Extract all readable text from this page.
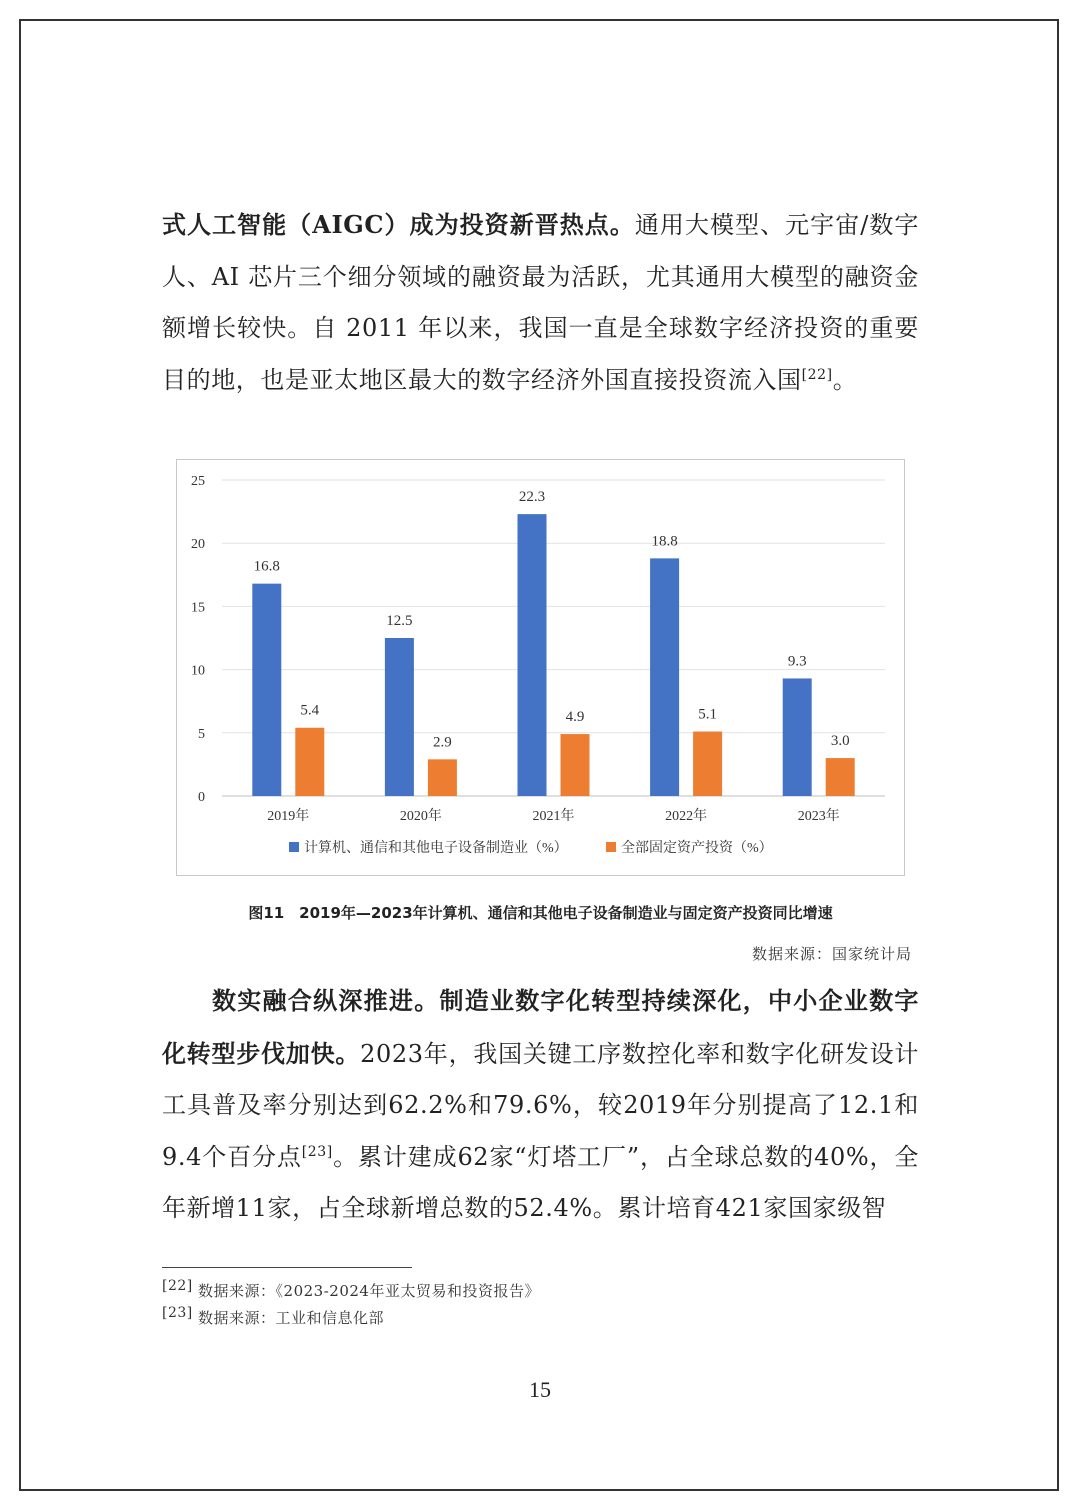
式人工智能（AIGC）成为投资新晋热点。通用大模型、元宇宙/数字人、AI 芯片三个细分领域的融资最为活跃，尤其通用大模型的融资金额增长较快。自 2011 年以来，我国一直是全球数字经济投资的重要目的地，也是亚太地区最大的数字经济外国直接投资流入国[22]。

0
5
10
15
20
25
16.8
5.4
2019年
12.5
2.9
2020年
22.3
4.9
2021年
18.8
5.1
2022年
9.3
3.0
2023年
计算机、通信和其他电子设备制造业（%）	全部固定资产投资（%）
图11　2019年—2023年计算机、通信和其他电子设备制造业与固定资产投资同比增速
数据来源：国家统计局

数实融合纵深推进。制造业数字化转型持续深化，中小企业数字化转型步伐加快。2023年，我国关键工序数控化率和数字化研发设计工具普及率分别达到62.2%和79.6%，较2019年分别提高了12.1和9.4个百分点[23]。累计建成62家“灯塔工厂”，占全球总数的40%，全年新增11家，占全球新增总数的52.4%。累计培育421家国家级智

[22] 数据来源：《2023-2024年亚太贸易和投资报告》
[23] 数据来源：工业和信息化部
15
